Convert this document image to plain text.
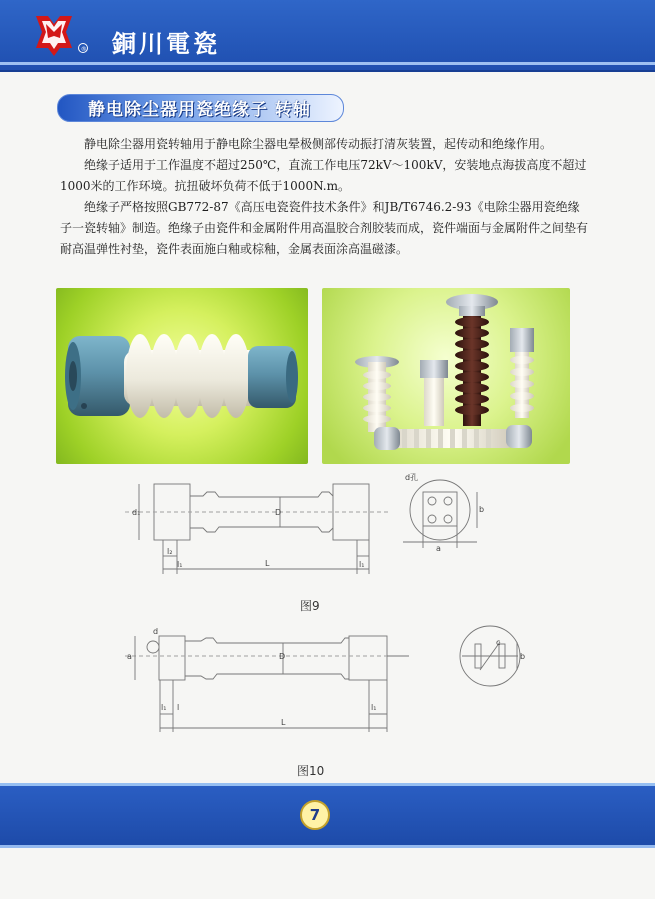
® 銅川電瓷
静电除尘器用瓷绝缘子 转轴

静电除尘器用瓷转轴用于静电除尘器电晕极侧部传动振打清灰装置，起传动和绝缘作用。

绝缘子适用于工作温度不超过250℃，直流工作电压72kV～100kV，安装地点海拔高度不超过1000米的工作环境。抗扭破坏负荷不低于1000N.m。

绝缘子严格按照GB772-87《高压电瓷瓷件技术条件》和JB/T6746.2-93《电除尘器用瓷绝缘子一瓷转轴》制造。绝缘子由瓷件和金属附件用高温胶合剂胶装而成，瓷件端面与金属附件之间垫有耐高温弹性衬垫，瓷件表面施白釉或棕釉，金属表面涂高温磁漆。

d₁	D
l₂
l₁	l₁
L
d孔
a
b
d
a	D
l₁ l	l₁
L
b
c
图9
图10
7
